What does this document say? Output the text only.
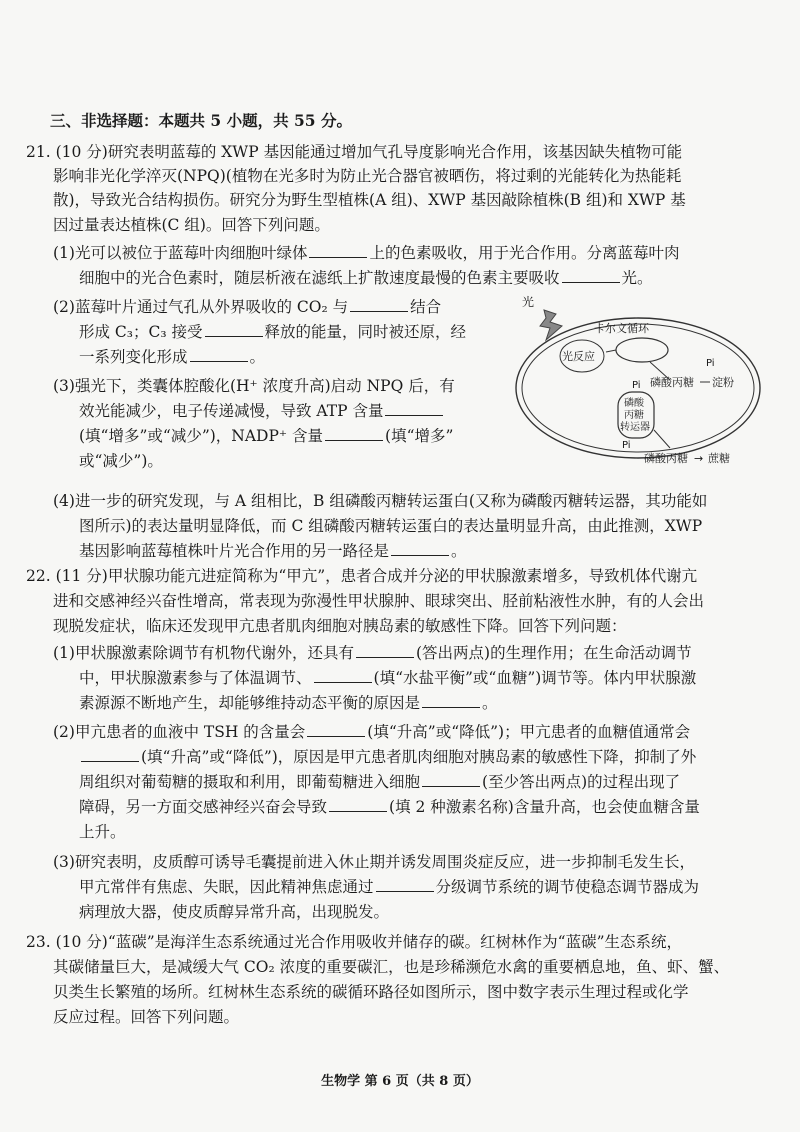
三、非选择题：本题共 5 小题，共 55 分。
21. (10 分)研究表明蓝莓的 XWP 基因能通过增加气孔导度影响光合作用，该基因缺失植物可能
影响非光化学淬灭(NPQ)(植物在光多时为防止光合器官被晒伤，将过剩的光能转化为热能耗
散)，导致光合结构损伤。研究分为野生型植株(A 组)、XWP 基因敲除植株(B 组)和 XWP 基
因过量表达植株(C 组)。回答下列问题。
(1)光可以被位于蓝莓叶肉细胞叶绿体	上的色素吸收，用于光合作用。分离蓝莓叶肉
细胞中的光合色素时，随层析液在滤纸上扩散速度最慢的色素主要吸收	光。
(2)蓝莓叶片通过气孔从外界吸收的 CO₂ 与	结合
形成 C₃；C₃ 接受	释放的能量，同时被还原，经
一系列变化形成	。
(3)强光下，类囊体腔酸化(H⁺ 浓度升高)启动 NPQ 后，有
效光能减少，电子传递减慢，导致 ATP 含量
(填“增多”或“减少”)，NADP⁺ 含量	(填“增多”
或“减少”)。
光
卡尔文循环
光反应
Pi
磷酸丙糖 淀粉
Pi
磷酸
丙糖
转运器
Pi
磷酸丙糖 → 蔗糖
(4)进一步的研究发现，与 A 组相比，B 组磷酸丙糖转运蛋白(又称为磷酸丙糖转运器，其功能如
图所示)的表达量明显降低，而 C 组磷酸丙糖转运蛋白的表达量明显升高，由此推测，XWP
基因影响蓝莓植株叶片光合作用的另一路径是	。
22. (11 分)甲状腺功能亢进症简称为“甲亢”，患者合成并分泌的甲状腺激素增多，导致机体代谢亢
进和交感神经兴奋性增高，常表现为弥漫性甲状腺肿、眼球突出、胫前粘液性水肿，有的人会出
现脱发症状，临床还发现甲亢患者肌肉细胞对胰岛素的敏感性下降。回答下列问题：
(1)甲状腺激素除调节有机物代谢外，还具有	(答出两点)的生理作用；在生命活动调节
中，甲状腺激素参与了体温调节、	(填“水盐平衡”或“血糖”)调节等。体内甲状腺激
素源源不断地产生，却能够维持动态平衡的原因是	。
(2)甲亢患者的血液中 TSH 的含量会	(填“升高”或“降低”)；甲亢患者的血糖值通常会
(填“升高”或“降低”)，原因是甲亢患者肌肉细胞对胰岛素的敏感性下降，抑制了外
周组织对葡萄糖的摄取和利用，即葡萄糖进入细胞	(至少答出两点)的过程出现了
障碍，另一方面交感神经兴奋会导致	(填 2 种激素名称)含量升高，也会使血糖含量
上升。
(3)研究表明，皮质醇可诱导毛囊提前进入休止期并诱发周围炎症反应，进一步抑制毛发生长，
甲亢常伴有焦虑、失眠，因此精神焦虑通过	分级调节系统的调节使稳态调节器成为
病理放大器，使皮质醇异常升高，出现脱发。
23. (10 分)“蓝碳”是海洋生态系统通过光合作用吸收并储存的碳。红树林作为“蓝碳”生态系统，
其碳储量巨大，是减缓大气 CO₂ 浓度的重要碳汇，也是珍稀濒危水禽的重要栖息地，鱼、虾、蟹、
贝类生长繁殖的场所。红树林生态系统的碳循环路径如图所示，图中数字表示生理过程或化学
反应过程。回答下列问题。
生物学 第 6 页（共 8 页）
